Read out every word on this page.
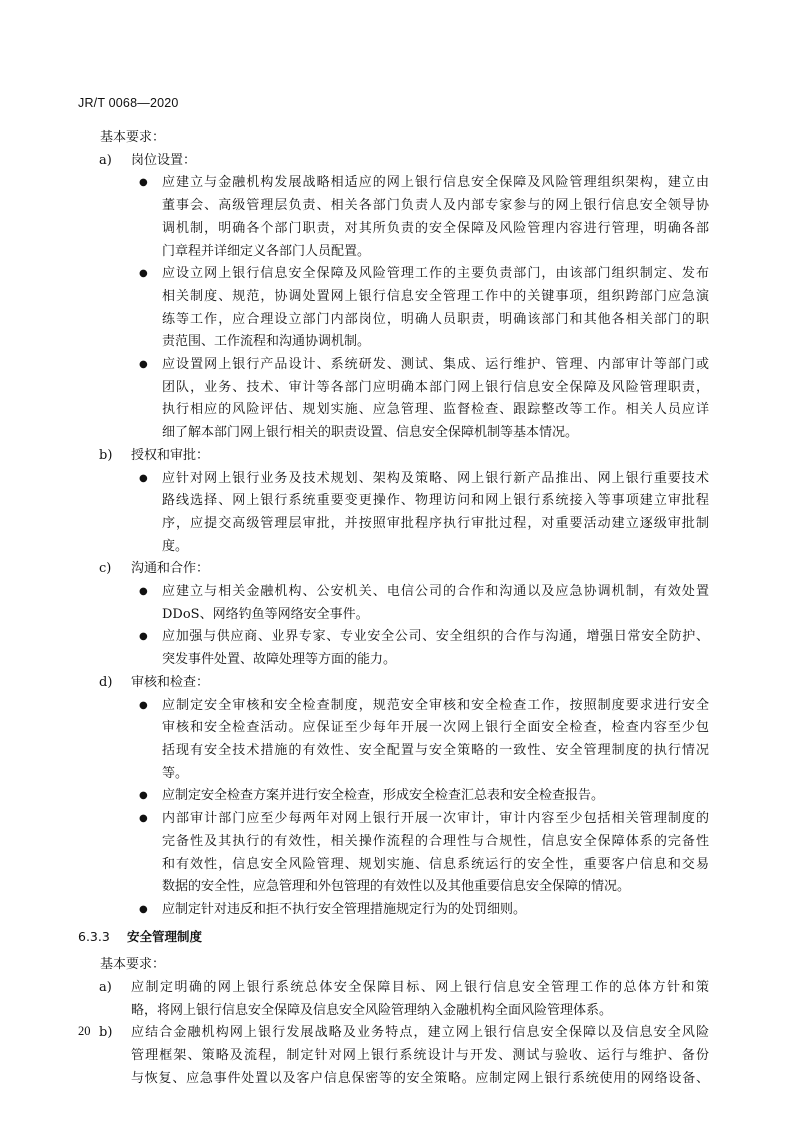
JR/T 0068—2020
基本要求：
a) 岗位设置：
● 应建立与金融机构发展战略相适应的网上银行信息安全保障及风险管理组织架构，建立由
董事会、高级管理层负责、相关各部门负责人及内部专家参与的网上银行信息安全领导协
调机制，明确各个部门职责，对其所负责的安全保障及风险管理内容进行管理，明确各部
门章程并详细定义各部门人员配置。
● 应设立网上银行信息安全保障及风险管理工作的主要负责部门，由该部门组织制定、发布
相关制度、规范，协调处置网上银行信息安全管理工作中的关键事项，组织跨部门应急演
练等工作，应合理设立部门内部岗位，明确人员职责，明确该部门和其他各相关部门的职
责范围、工作流程和沟通协调机制。
● 应设置网上银行产品设计、系统研发、测试、集成、运行维护、管理、内部审计等部门或
团队，业务、技术、审计等各部门应明确本部门网上银行信息安全保障及风险管理职责，
执行相应的风险评估、规划实施、应急管理、监督检查、跟踪整改等工作。相关人员应详
细了解本部门网上银行相关的职责设置、信息安全保障机制等基本情况。
b) 授权和审批：
● 应针对网上银行业务及技术规划、架构及策略、网上银行新产品推出、网上银行重要技术
路线选择、网上银行系统重要变更操作、物理访问和网上银行系统接入等事项建立审批程
序，应提交高级管理层审批，并按照审批程序执行审批过程，对重要活动建立逐级审批制
度。
c) 沟通和合作：
● 应建立与相关金融机构、公安机关、电信公司的合作和沟通以及应急协调机制，有效处置
DDoS、网络钓鱼等网络安全事件。
● 应加强与供应商、业界专家、专业安全公司、安全组织的合作与沟通，增强日常安全防护、
突发事件处置、故障处理等方面的能力。
d) 审核和检查：
● 应制定安全审核和安全检查制度，规范安全审核和安全检查工作，按照制度要求进行安全
审核和安全检查活动。应保证至少每年开展一次网上银行全面安全检查，检查内容至少包
括现有安全技术措施的有效性、安全配置与安全策略的一致性、安全管理制度的执行情况
等。
● 应制定安全检查方案并进行安全检查，形成安全检查汇总表和安全检查报告。
● 内部审计部门应至少每两年对网上银行开展一次审计，审计内容至少包括相关管理制度的
完备性及其执行的有效性，相关操作流程的合理性与合规性，信息安全保障体系的完备性
和有效性，信息安全风险管理、规划实施、信息系统运行的安全性，重要客户信息和交易
数据的安全性，应急管理和外包管理的有效性以及其他重要信息安全保障的情况。
● 应制定针对违反和拒不执行安全管理措施规定行为的处罚细则。
6.3.3 安全管理制度
基本要求：
a) 应制定明确的网上银行系统总体安全保障目标、网上银行信息安全管理工作的总体方针和策
略，将网上银行信息安全保障及信息安全风险管理纳入金融机构全面风险管理体系。
b) 应结合金融机构网上银行发展战略及业务特点，建立网上银行信息安全保障以及信息安全风险
管理框架、策略及流程，制定针对网上银行系统设计与开发、测试与验收、运行与维护、备份
与恢复、应急事件处置以及客户信息保密等的安全策略。应制定网上银行系统使用的网络设备、
20
